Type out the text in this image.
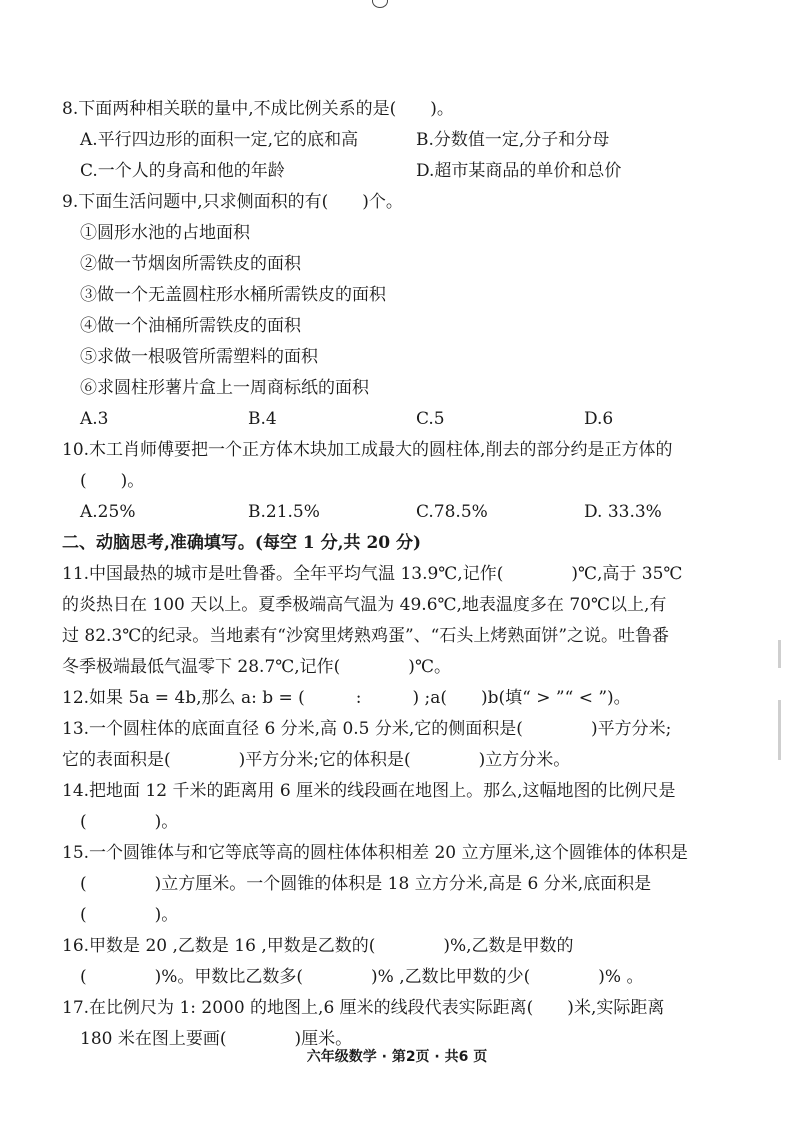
8.下面两种相关联的量中,不成比例关系的是(　　)。
A.平行四边形的面积一定,它的底和高	B.分数值一定,分子和分母
C.一个人的身高和他的年龄	D.超市某商品的单价和总价
9.下面生活问题中,只求侧面积的有(　　)个。
①圆形水池的占地面积
②做一节烟囱所需铁皮的面积
③做一个无盖圆柱形水桶所需铁皮的面积
④做一个油桶所需铁皮的面积
⑤求做一根吸管所需塑料的面积
⑥求圆柱形薯片盒上一周商标纸的面积
A.3	B.4	C.5	D.6
10.木工肖师傅要把一个正方体木块加工成最大的圆柱体,削去的部分约是正方体的
(　　)。
A.25%	B.21.5%	C.78.5%	D. 33.3%
二、动脑思考,准确填写。(每空 1 分,共 20 分)
11.中国最热的城市是吐鲁番。全年平均气温 13.9℃,记作(　　　　)℃,高于 35℃
的炎热日在 100 天以上。夏季极端高气温为 49.6℃,地表温度多在 70℃以上,有
过 82.3℃的纪录。当地素有“沙窝里烤熟鸡蛋”、“石头上烤熟面饼”之说。吐鲁番
冬季极端最低气温零下 28.7℃,记作(　　　　)℃。
12.如果 5a = 4b,那么 a: b = (　　　:　　　) ;a(　　)b(填“ > ”“ < ”)。
13.一个圆柱体的底面直径 6 分米,高 0.5 分米,它的侧面积是(　　　　)平方分米;
它的表面积是(　　　　)平方分米;它的体积是(　　　　)立方分米。
14.把地面 12 千米的距离用 6 厘米的线段画在地图上。那么,这幅地图的比例尺是
(　　　　)。
15.一个圆锥体与和它等底等高的圆柱体体积相差 20 立方厘米,这个圆锥体的体积是
(　　　　)立方厘米。一个圆锥的体积是 18 立方分米,高是 6 分米,底面积是
(　　　　)。
16.甲数是 20 ,乙数是 16 ,甲数是乙数的(　　　　)%,乙数是甲数的
(　　　　)%。甲数比乙数多(　　　　)% ,乙数比甲数的少(　　　　)% 。
17.在比例尺为 1: 2000 的地图上,6 厘米的线段代表实际距离(　　)米,实际距离
180 米在图上要画(　　　　)厘米。
六年级数学 · 第2页 · 共6 页
